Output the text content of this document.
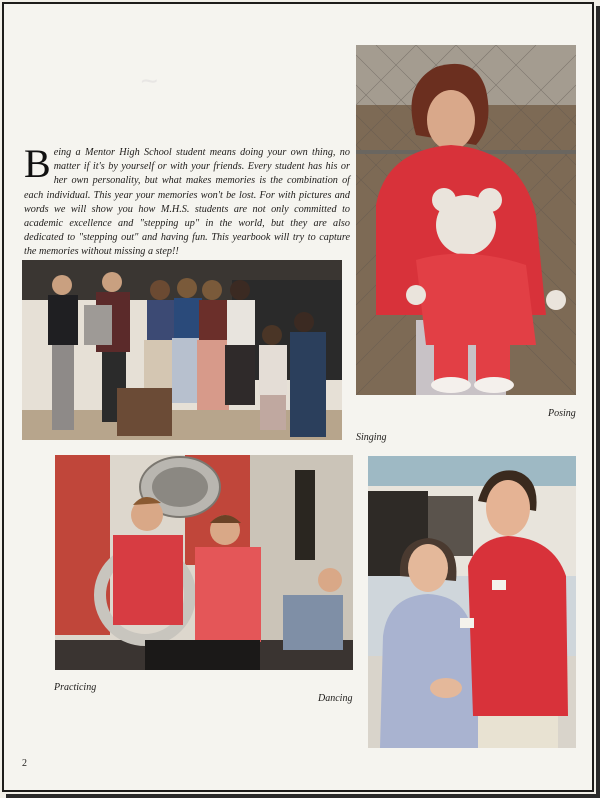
~
Being a Mentor High School student means doing your own thing, no matter if it's by yourself or with your friends. Every student has his or her own personality, but what makes memories is the combination of each individual. This year your memories won't be lost. For with pictures and words we will show you how M.H.S. students are not only committed to academic excellence and "stepping up" in the world, but they are also dedicated to "stepping out" and having fun. This yearbook will try to capture the memories without missing a step!!
Posing
Singing
Practicing
Dancing
2
